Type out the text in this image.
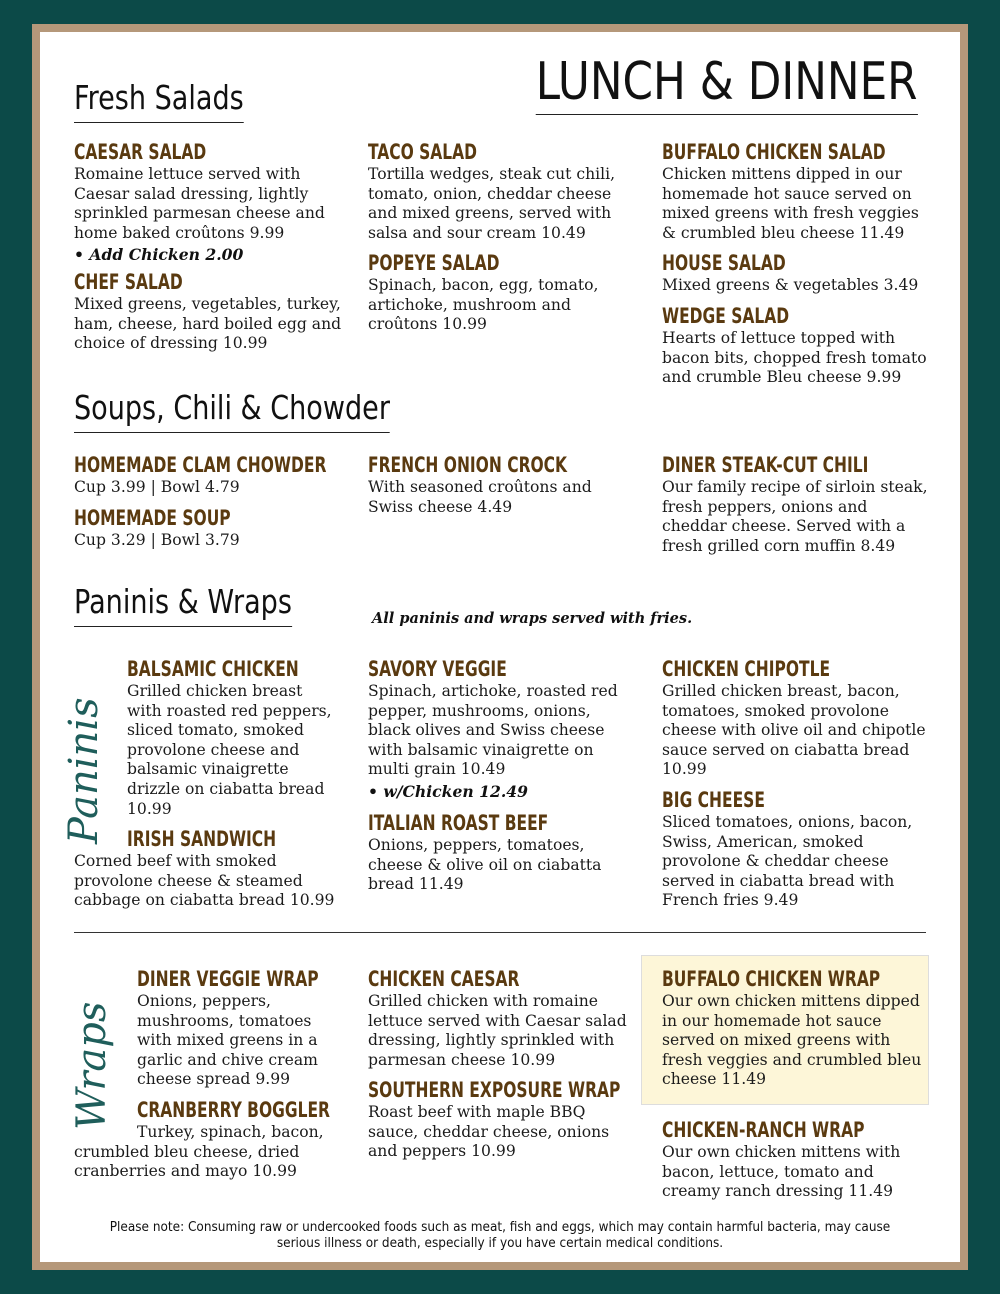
LUNCH & DINNER
Fresh Salads
CAESAR SALAD
Romaine lettuce served with Caesar salad dressing, lightly sprinkled parmesan cheese and home baked croûtons 9.99
• Add Chicken 2.00
CHEF SALAD
Mixed greens, vegetables, turkey, ham, cheese, hard boiled egg and choice of dressing 10.99
TACO SALAD
Tortilla wedges, steak cut chili, tomato, onion, cheddar cheese and mixed greens, served with salsa and sour cream 10.49
POPEYE SALAD
Spinach, bacon, egg, tomato, artichoke, mushroom and croûtons 10.99
BUFFALO CHICKEN SALAD
Chicken mittens dipped in our homemade hot sauce served on mixed greens with fresh veggies & crumbled bleu cheese 11.49
HOUSE SALAD
Mixed greens & vegetables 3.49
WEDGE SALAD
Hearts of lettuce topped with bacon bits, chopped fresh tomato and crumble Bleu cheese 9.99
Soups, Chili & Chowder
HOMEMADE CLAM CHOWDER
Cup 3.99 | Bowl 4.79
HOMEMADE SOUP
Cup 3.29 | Bowl 3.79
FRENCH ONION CROCK
With seasoned croûtons and Swiss cheese 4.49
DINER STEAK-CUT CHILI
Our family recipe of sirloin steak, fresh peppers, onions and cheddar cheese. Served with a fresh grilled corn muffin 8.49
Paninis & Wraps	All paninis and wraps served with fries.
Paninis
BALSAMIC CHICKEN
Grilled chicken breast with roasted red peppers, sliced tomato, smoked provolone cheese and balsamic vinaigrette drizzle on ciabatta bread 10.99
IRISH SANDWICH
Corned beef with smoked provolone cheese & steamed cabbage on ciabatta bread 10.99
SAVORY VEGGIE
Spinach, artichoke, roasted red pepper, mushrooms, onions, black olives and Swiss cheese with balsamic vinaigrette on multi grain 10.49
• w/Chicken 12.49
ITALIAN ROAST BEEF
Onions, peppers, tomatoes, cheese & olive oil on ciabatta bread 11.49
CHICKEN CHIPOTLE
Grilled chicken breast, bacon, tomatoes, smoked provolone cheese with olive oil and chipotle sauce served on ciabatta bread 10.99
BIG CHEESE
Sliced tomatoes, onions, bacon, Swiss, American, smoked provolone & cheddar cheese served in ciabatta bread with French fries 9.49
Wraps
DINER VEGGIE WRAP
Onions, peppers, mushrooms, tomatoes with mixed greens in a garlic and chive cream cheese spread 9.99
CRANBERRY BOGGLER
Turkey, spinach, bacon, crumbled bleu cheese, dried cranberries and mayo 10.99
CHICKEN CAESAR
Grilled chicken with romaine lettuce served with Caesar salad dressing, lightly sprinkled with parmesan cheese 10.99
SOUTHERN EXPOSURE WRAP
Roast beef with maple BBQ sauce, cheddar cheese, onions and peppers 10.99
BUFFALO CHICKEN WRAP
Our own chicken mittens dipped in our homemade hot sauce served on mixed greens with fresh veggies and crumbled bleu cheese 11.49
CHICKEN-RANCH WRAP
Our own chicken mittens with bacon, lettuce, tomato and creamy ranch dressing 11.49
Please note: Consuming raw or undercooked foods such as meat, fish and eggs, which may contain harmful bacteria, may cause serious illness or death, especially if you have certain medical conditions.
